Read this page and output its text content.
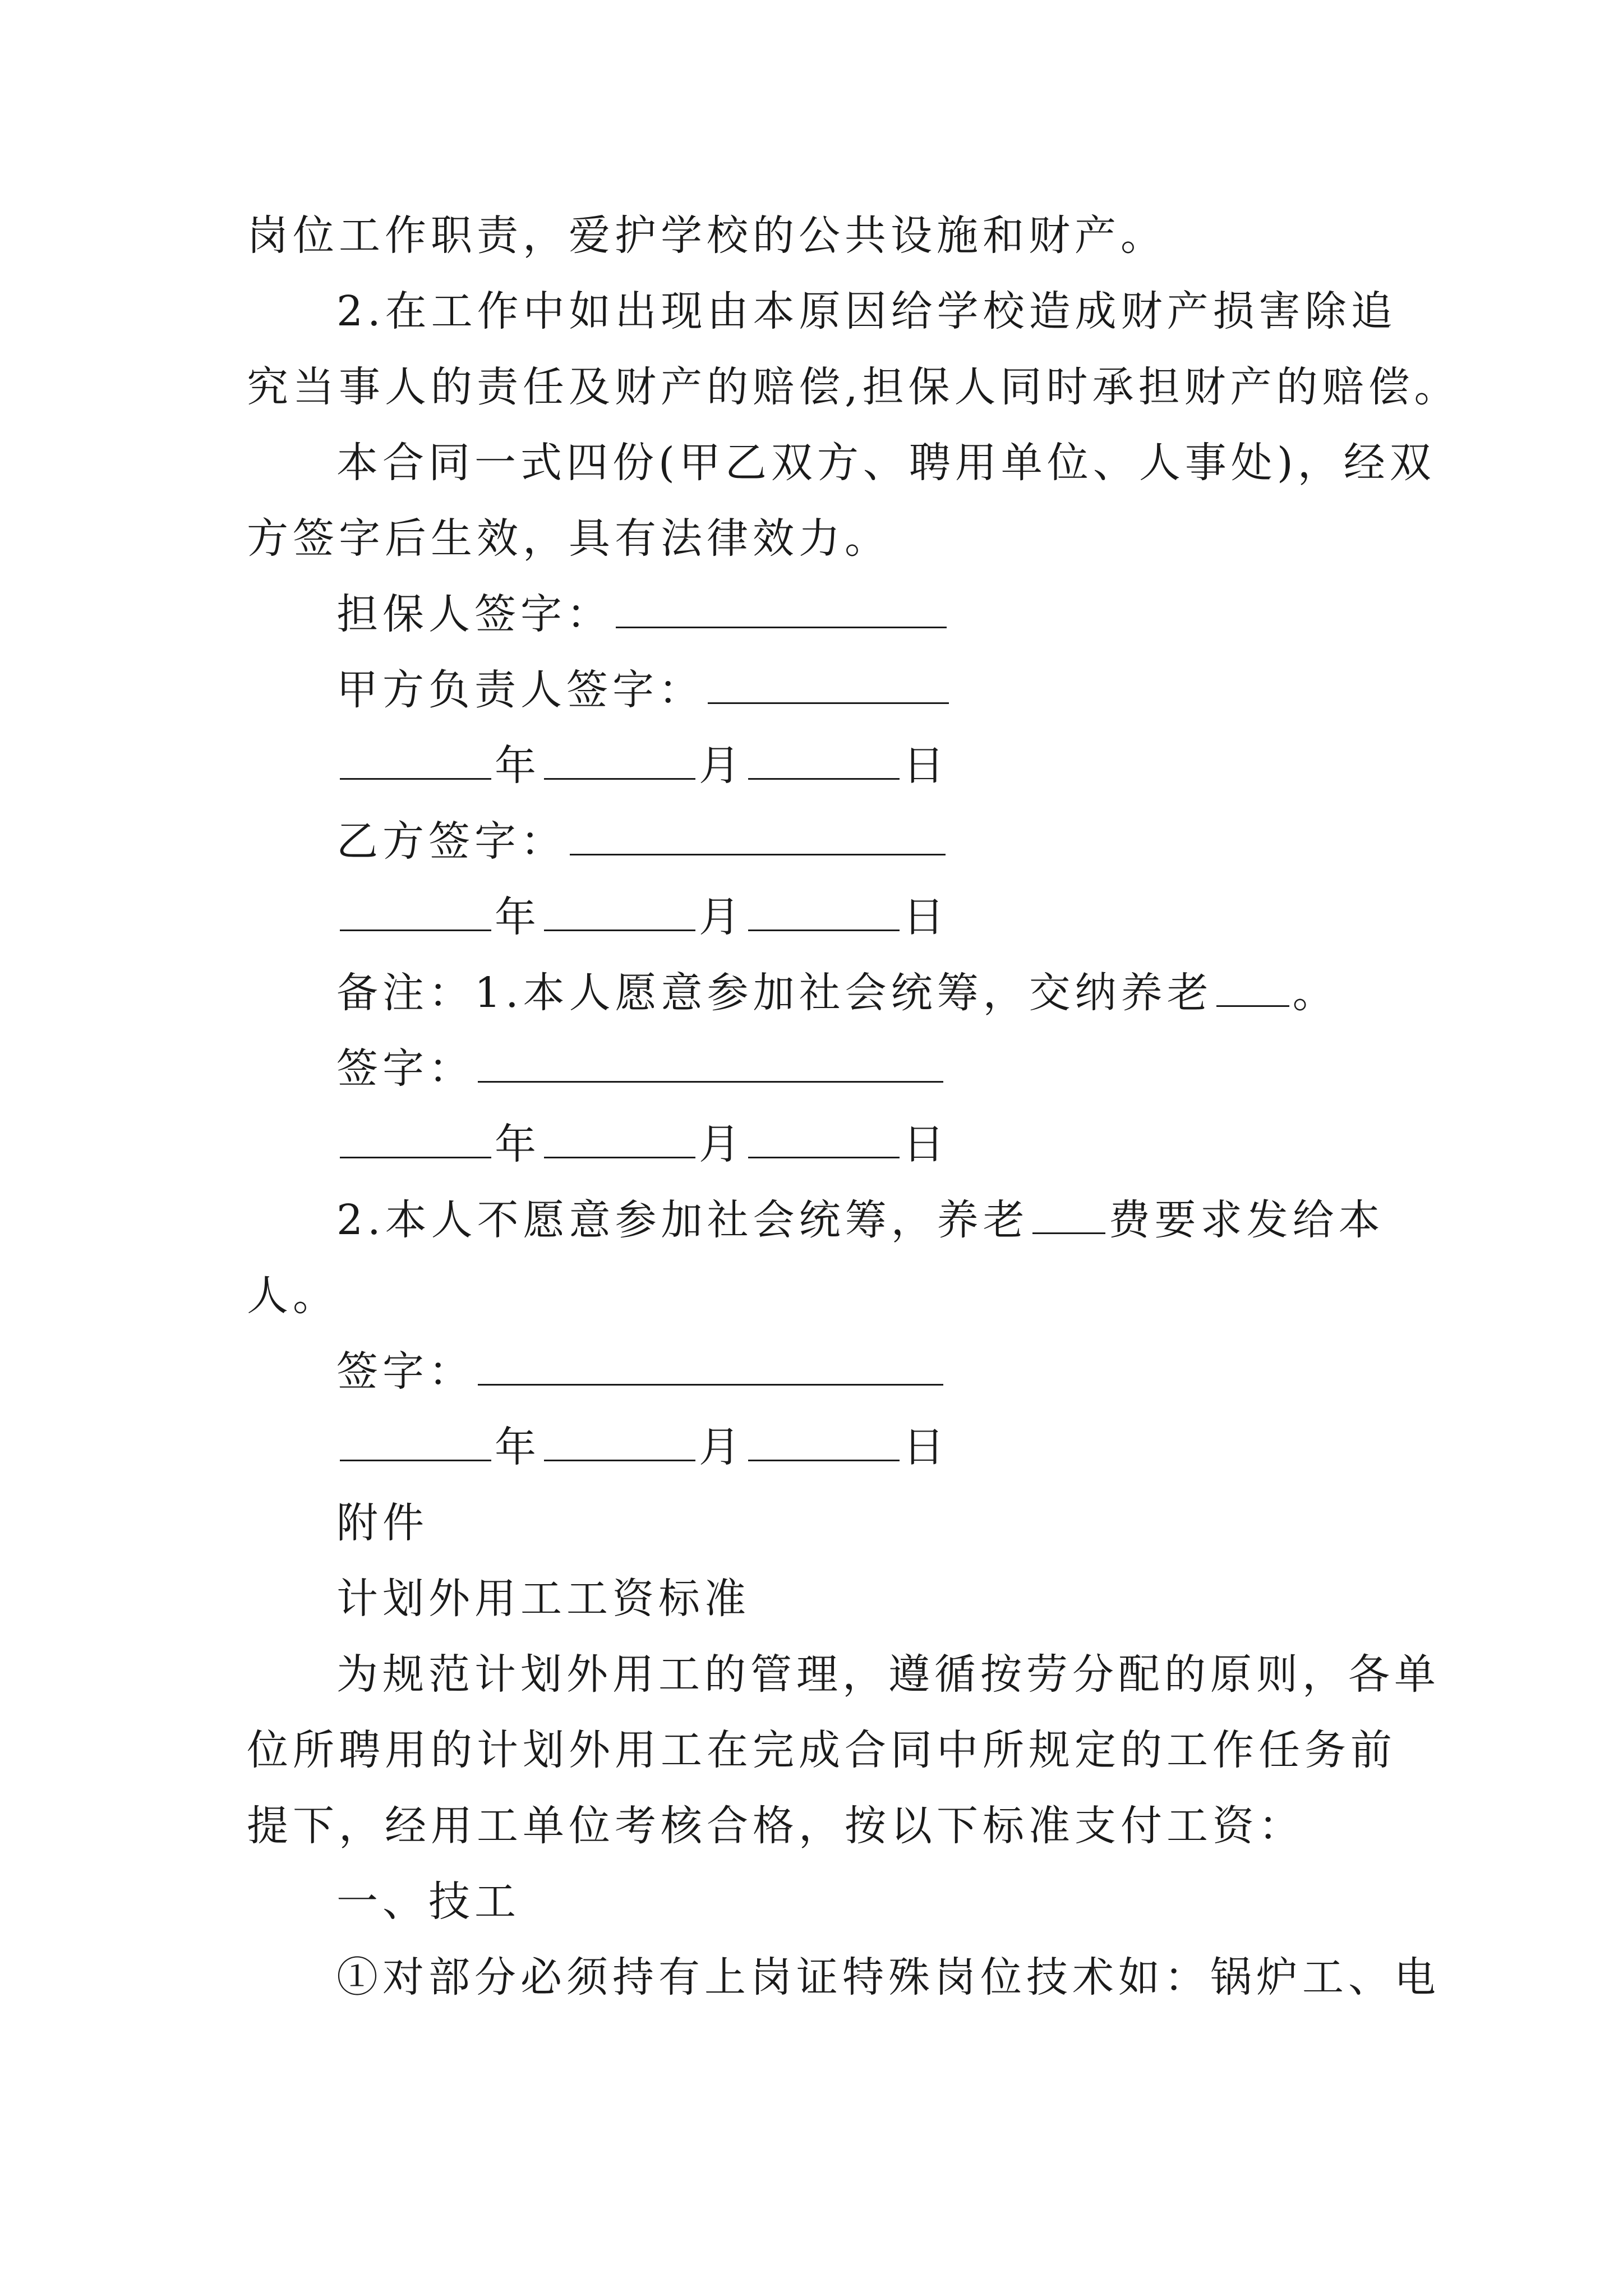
岗位工作职责，爱护学校的公共设施和财产。
2.在工作中如出现由本原因给学校造成财产损害除追
究当事人的责任及财产的赔偿,担保人同时承担财产的赔偿。
本合同一式四份(甲乙双方、聘用单位、人事处)，经双
方签字后生效，具有法律效力。
担保人签字：
甲方负责人签字：
年	月	日
乙方签字：
年	月	日
备注：1.本人愿意参加社会统筹，交纳养老 。
签字：
年	月	日
2.本人不愿意参加社会统筹，养老 费要求发给本
人。
签字：
年	月	日
附件
计划外用工工资标准
为规范计划外用工的管理，遵循按劳分配的原则，各单
位所聘用的计划外用工在完成合同中所规定的工作任务前
提下，经用工单位考核合格，按以下标准支付工资：
一、技工
①对部分必须持有上岗证特殊岗位技术如：锅炉工、电
